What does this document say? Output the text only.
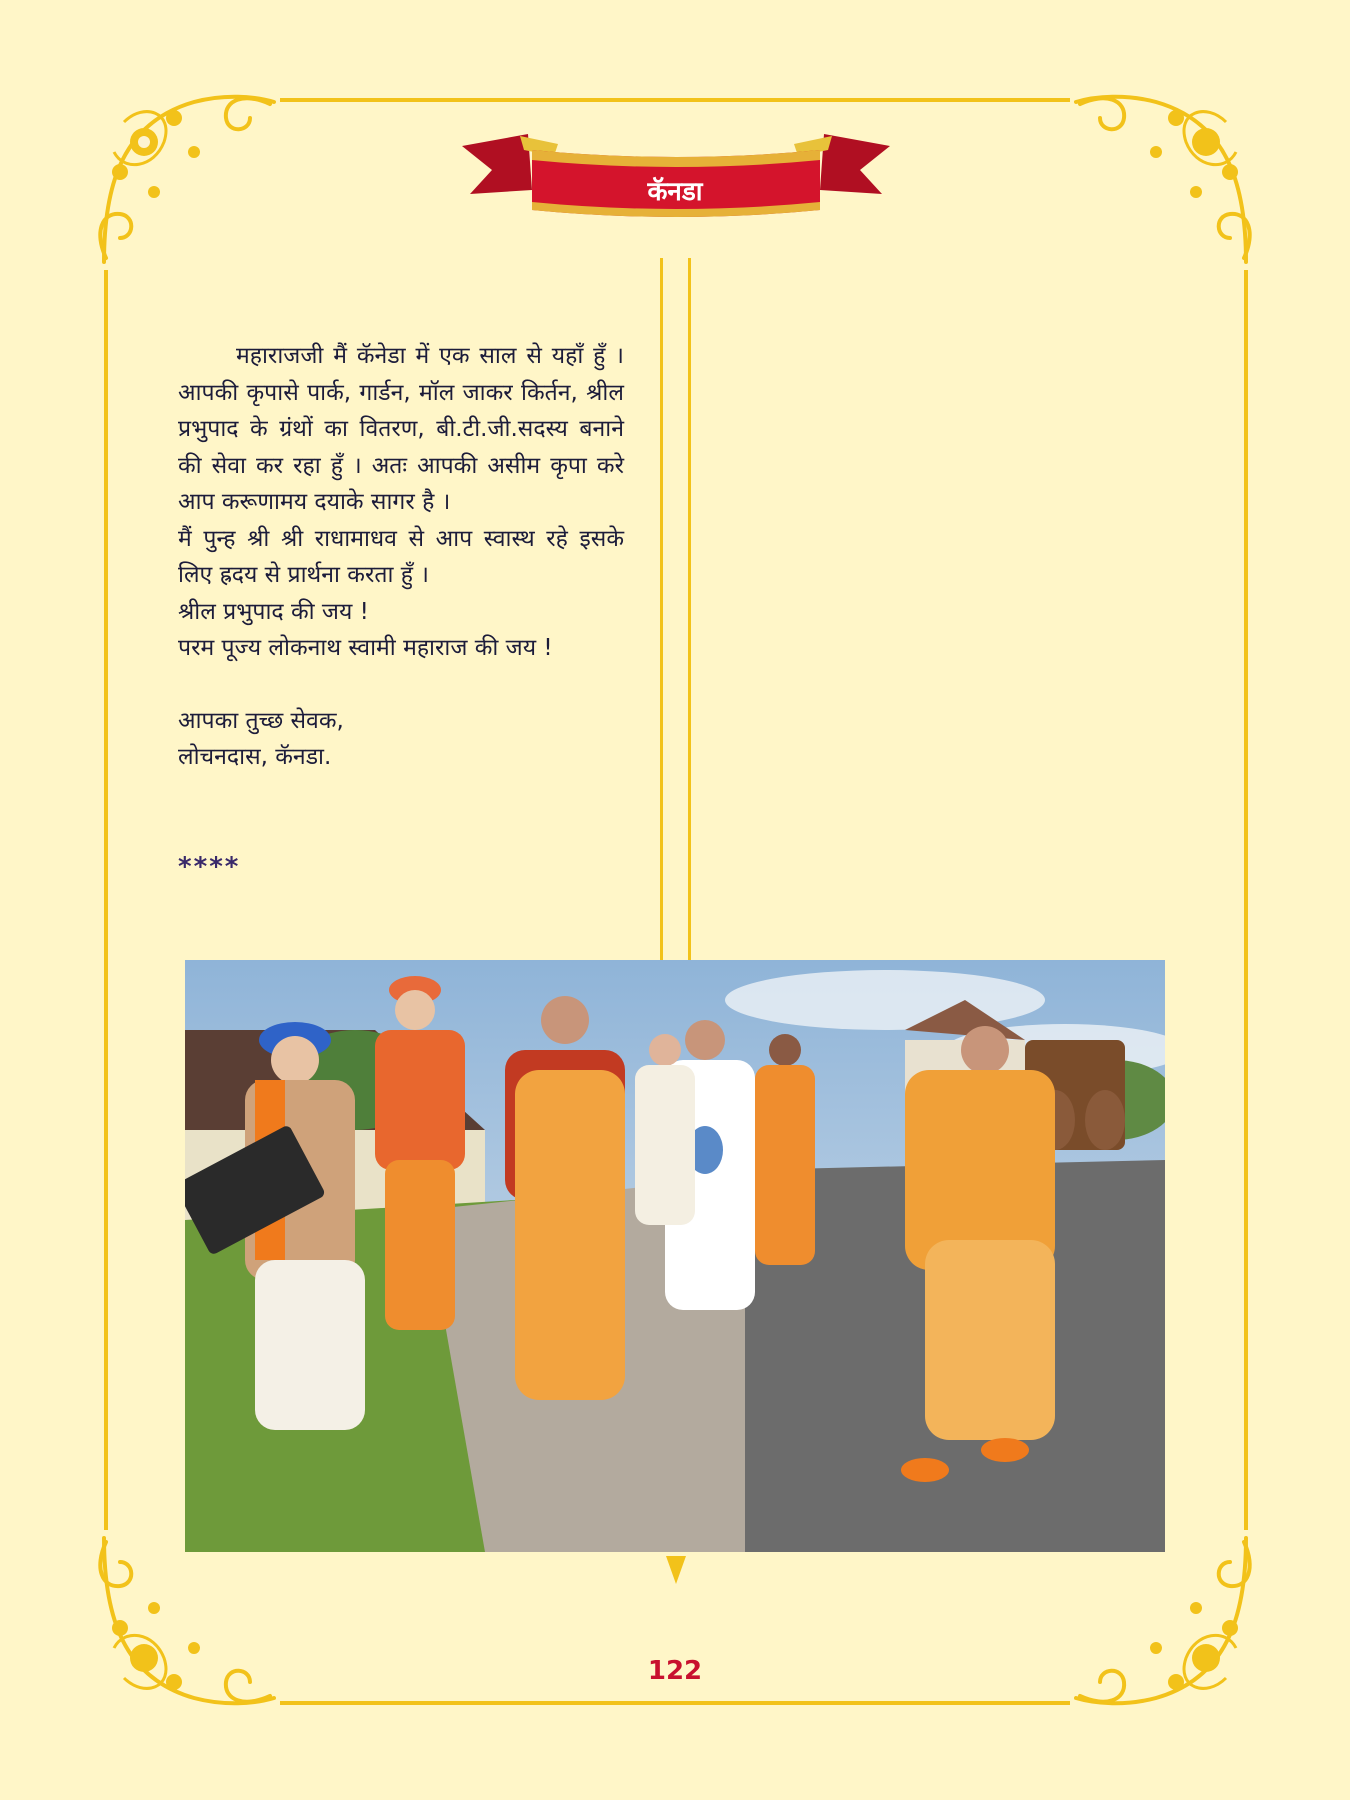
कॅनडा

महाराजजी मैं कॅनेडा में एक साल से यहाँ हुँ । आपकी कृपासे पार्क, गार्डन, मॉल जाकर किर्तन, श्रील प्रभुपाद के ग्रंथों का वितरण, बी.टी.जी.सदस्य बनाने की सेवा कर रहा हुँ । अतः आपकी असीम कृपा करे आप करूणामय दयाके सागर है ।

मैं पुन्ह श्री श्री राधामाधव से आप स्वास्थ रहे इसके लिए ह्रदय से प्रार्थना करता हुँ ।

श्रील प्रभुपाद की जय !

परम पूज्य लोकनाथ स्वामी महाराज की जय !

आपका तुच्छ सेवक,

लोचनदास, कॅनडा.

****
122
